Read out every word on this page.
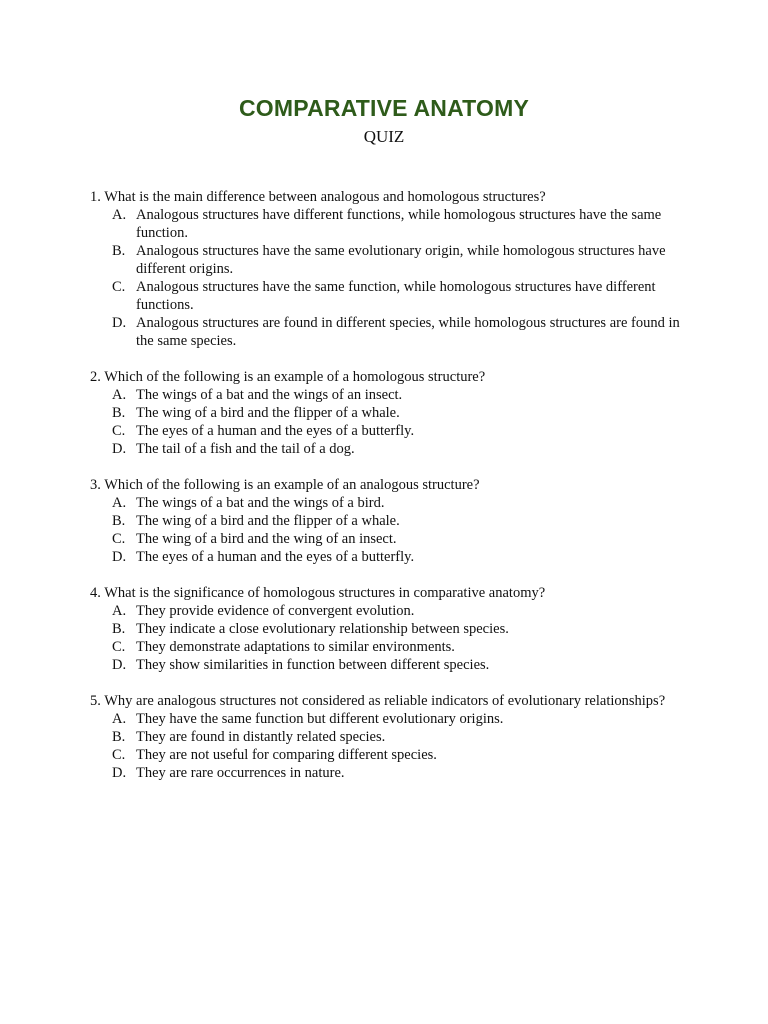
COMPARATIVE ANATOMY
QUIZ
1. What is the main difference between analogous and homologous structures?
A. Analogous structures have different functions, while homologous structures have the same function.
B. Analogous structures have the same evolutionary origin, while homologous structures have different origins.
C. Analogous structures have the same function, while homologous structures have different functions.
D. Analogous structures are found in different species, while homologous structures are found in the same species.
2. Which of the following is an example of a homologous structure?
A. The wings of a bat and the wings of an insect.
B. The wing of a bird and the flipper of a whale.
C. The eyes of a human and the eyes of a butterfly.
D. The tail of a fish and the tail of a dog.
3. Which of the following is an example of an analogous structure?
A. The wings of a bat and the wings of a bird.
B. The wing of a bird and the flipper of a whale.
C. The wing of a bird and the wing of an insect.
D. The eyes of a human and the eyes of a butterfly.
4. What is the significance of homologous structures in comparative anatomy?
A. They provide evidence of convergent evolution.
B. They indicate a close evolutionary relationship between species.
C. They demonstrate adaptations to similar environments.
D. They show similarities in function between different species.
5. Why are analogous structures not considered as reliable indicators of evolutionary relationships?
A. They have the same function but different evolutionary origins.
B. They are found in distantly related species.
C. They are not useful for comparing different species.
D. They are rare occurrences in nature.
